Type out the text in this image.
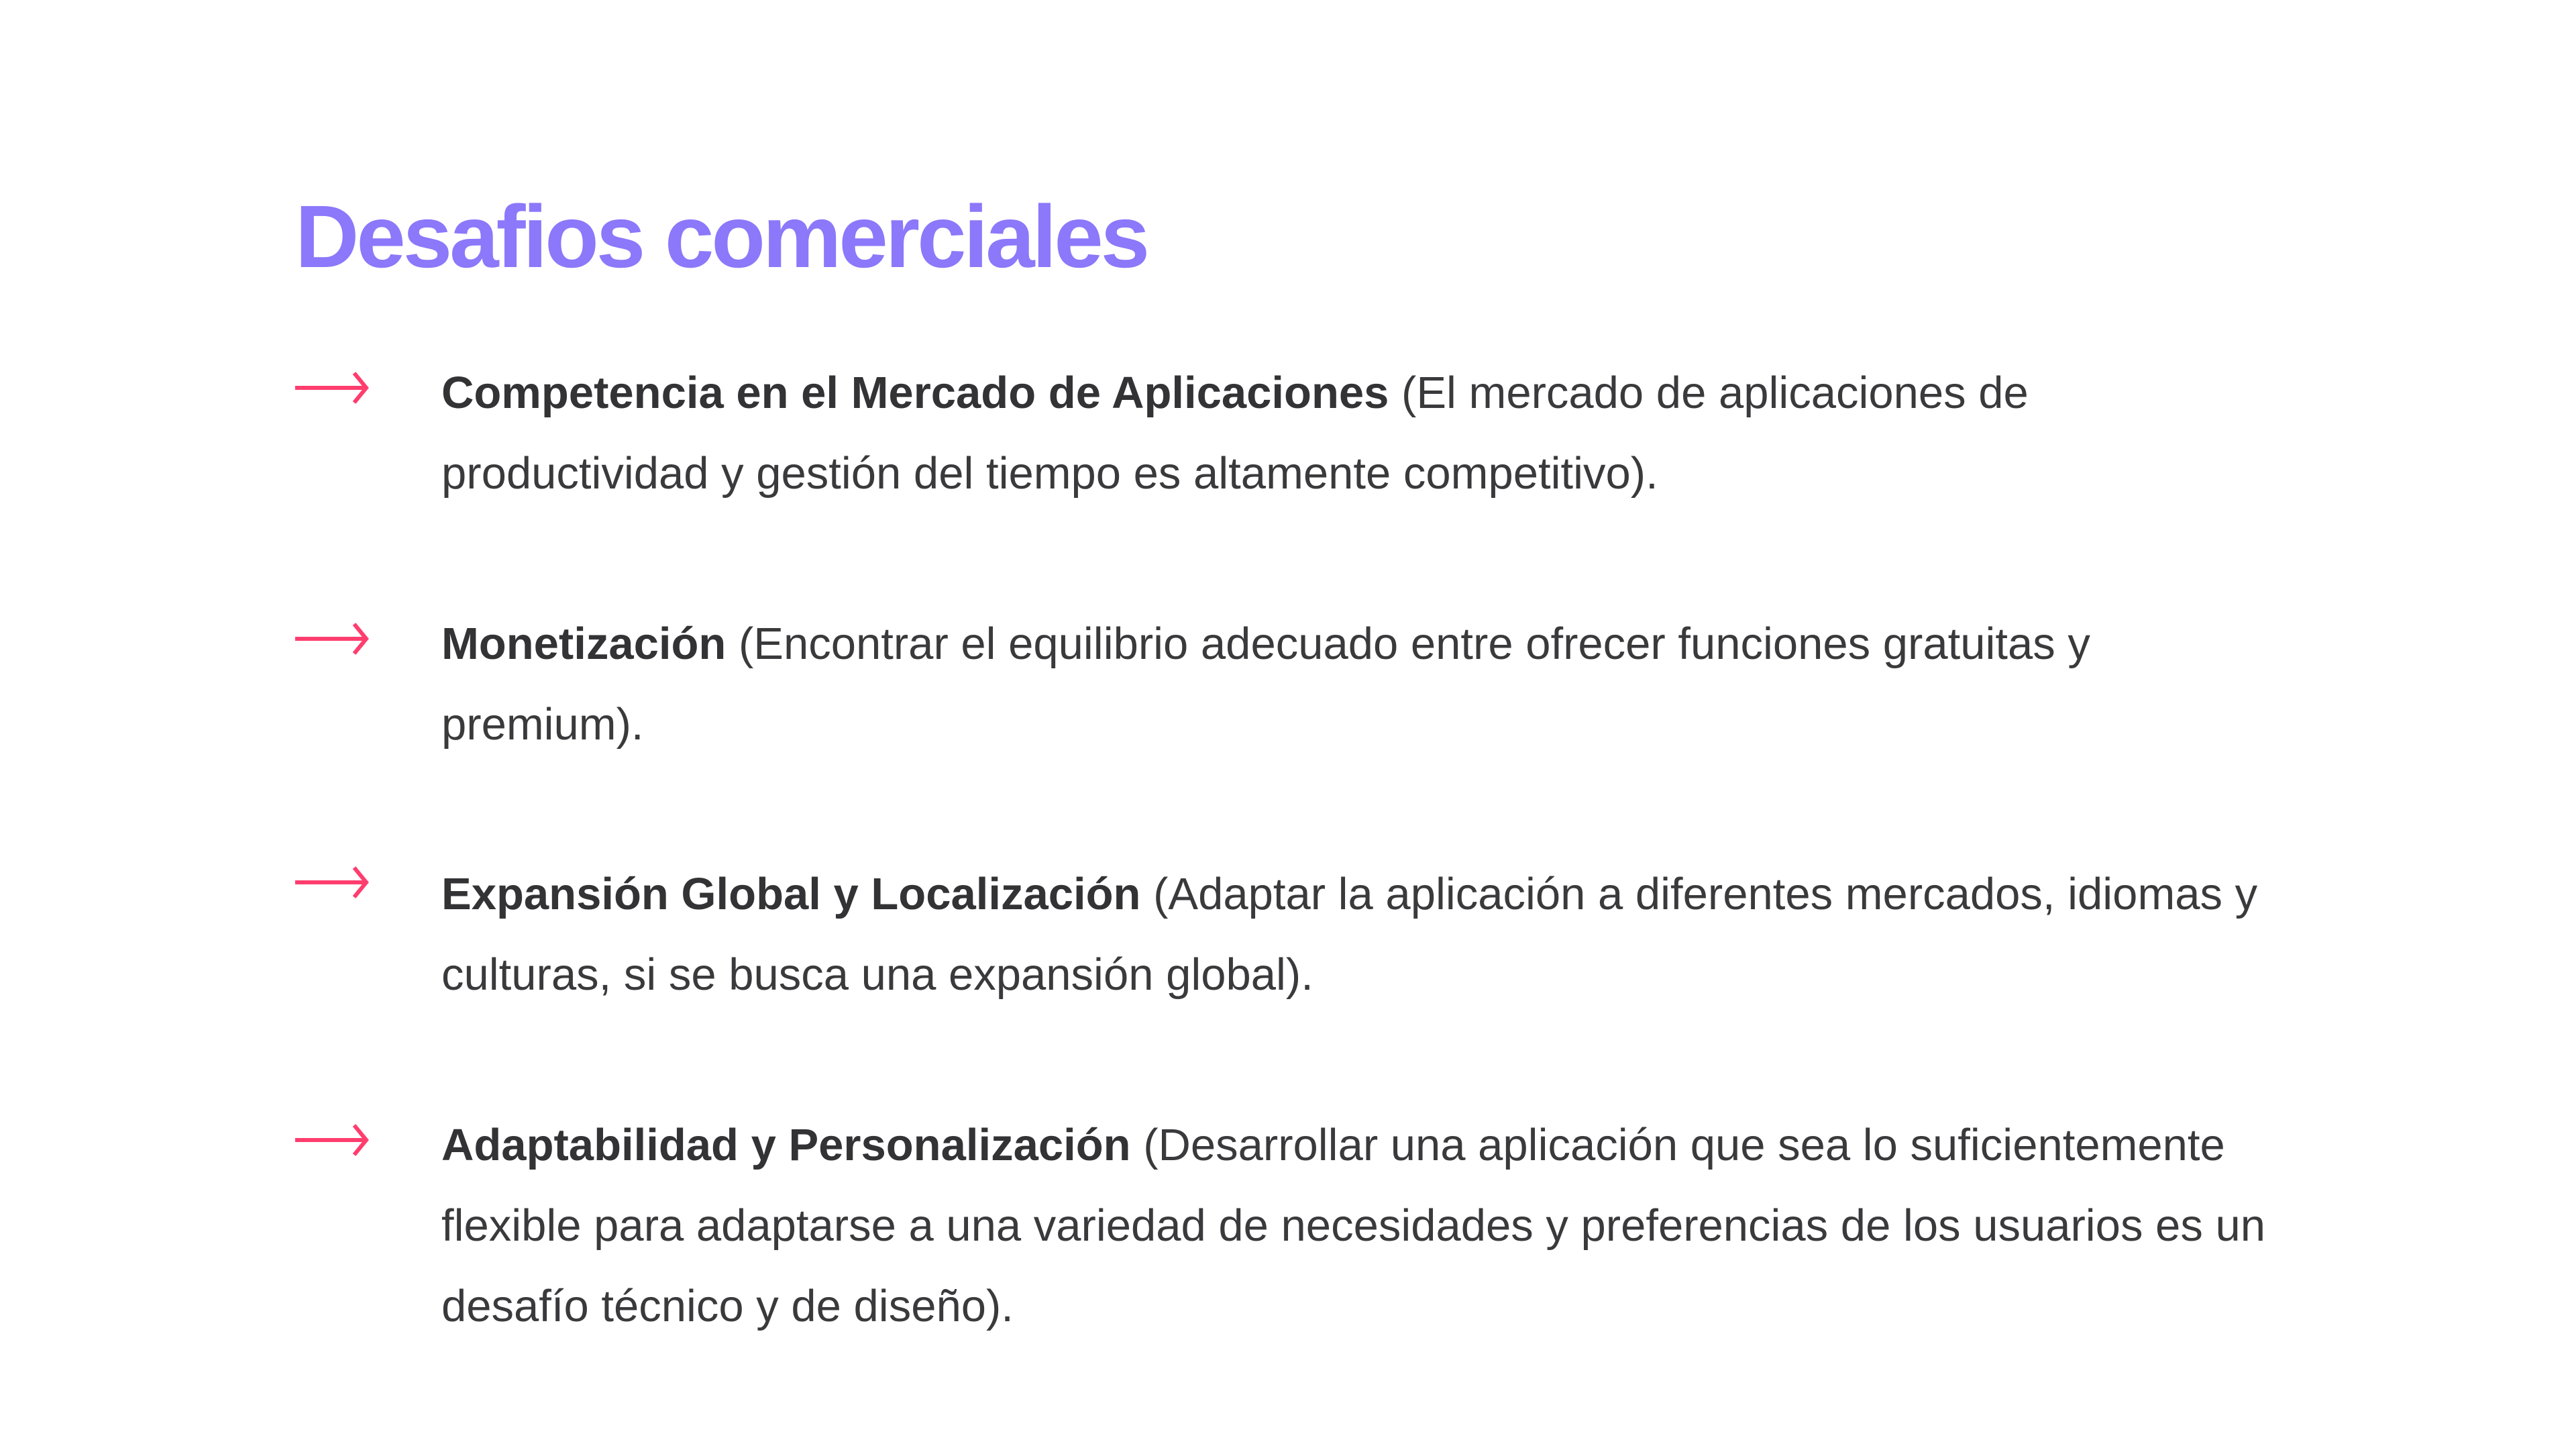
Desafios comerciales
Competencia en el Mercado de Aplicaciones (El mercado de aplicaciones de productividad y gestión del tiempo es altamente competitivo).
Monetización (Encontrar el equilibrio adecuado entre ofrecer funciones gratuitas y premium).
Expansión Global y Localización (Adaptar la aplicación a diferentes mercados, idiomas y culturas, si se busca una expansión global).
Adaptabilidad y Personalización (Desarrollar una aplicación que sea lo suficientemente flexible para adaptarse a una variedad de necesidades y preferencias de los usuarios es un desafío técnico y de diseño).
